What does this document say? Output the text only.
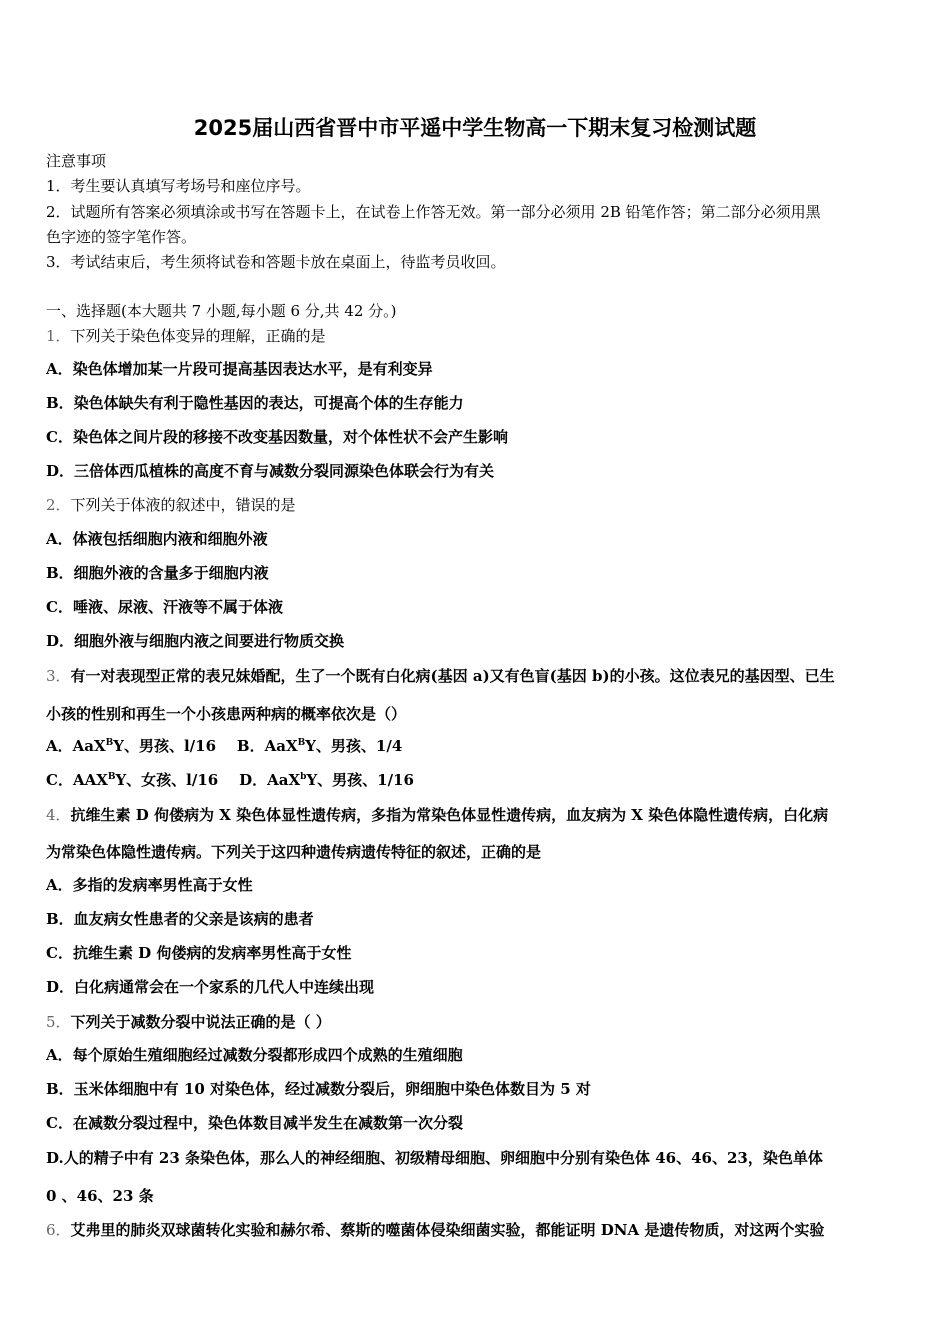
2025届山西省晋中市平遥中学生物高一下期末复习检测试题
注意事项
1．考生要认真填写考场号和座位序号。
2．试题所有答案必须填涂或书写在答题卡上，在试卷上作答无效。第一部分必须用 2B 铅笔作答；第二部分必须用黑
色字迹的签字笔作答。
3．考试结束后，考生须将试卷和答题卡放在桌面上，待监考员收回。
一、选择题(本大题共 7 小题,每小题 6 分,共 42 分。)
1．下列关于染色体变异的理解，正确的是
A．染色体增加某一片段可提高基因表达水平，是有利变异
B．染色体缺失有利于隐性基因的表达，可提高个体的生存能力
C．染色体之间片段的移接不改变基因数量，对个体性状不会产生影响
D．三倍体西瓜植株的高度不育与减数分裂同源染色体联会行为有关
2．下列关于体液的叙述中，错误的是
A．体液包括细胞内液和细胞外液
B．细胞外液的含量多于细胞内液
C．唾液、尿液、汗液等不属于体液
D．细胞外液与细胞内液之间要进行物质交换
3．有一对表现型正常的表兄妹婚配，生了一个既有白化病(基因 a)又有色盲(基因 b)的小孩。这位表兄的基因型、已生
小孩的性别和再生一个小孩患两种病的概率依次是（）
A．AaX$^B$Y、男孩、l/16 B．AaX$^B$Y、男孩、1/4
C．$AAX^BY$、女孩、l/16 D．AaX$^b$Y、男孩、1/16
4．抗维生素 D 佝偻病为 X 染色体显性遗传病，多指为常染色体显性遗传病，血友病为 X 染色体隐性遗传病，白化病
为常染色体隐性遗传病。下列关于这四种遗传病遗传特征的叙述，正确的是
A．多指的发病率男性高于女性
B．血友病女性患者的父亲是该病的患者
C．抗维生素 D 佝偻病的发病率男性高于女性
D．白化病通常会在一个家系的几代人中连续出现
5．下列关于减数分裂中说法正确的是（ ）
A．每个原始生殖细胞经过减数分裂都形成四个成熟的生殖细胞
B．玉米体细胞中有 10 对染色体，经过减数分裂后，卵细胞中染色体数目为 5 对
C．在减数分裂过程中，染色体数目减半发生在减数第一次分裂
D.人的精子中有 23 条染色体，那么人的神经细胞、初级精母细胞、卵细胞中分别有染色体 46、46、23，染色单体
0 、46、23 条
6．艾弗里的肺炎双球菌转化实验和赫尔希、蔡斯的噬菌体侵染细菌实验，都能证明 DNA 是遗传物质，对这两个实验
